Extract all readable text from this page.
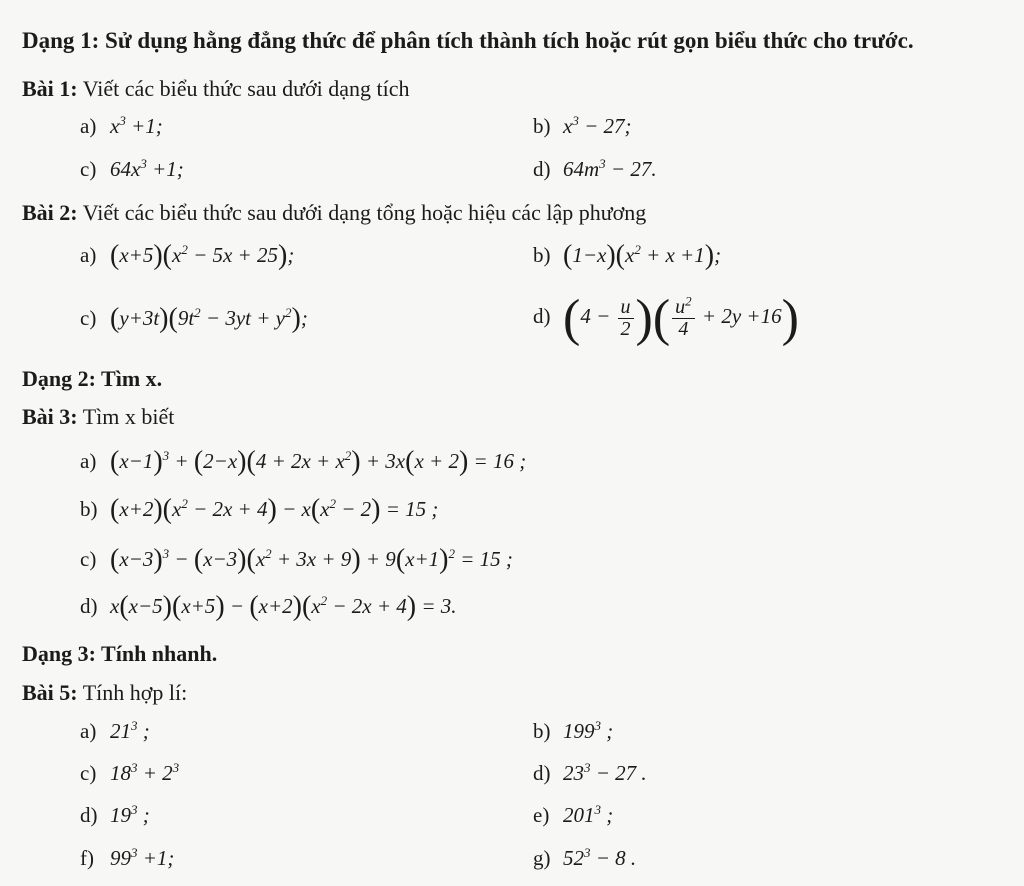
Dạng 1: Sử dụng hằng đẳng thức để phân tích thành tích hoặc rút gọn biểu thức cho trước.
Bài 1: Viết các biểu thức sau dưới dạng tích
a) $x^3 +1$;	b) $x^3 - 27$;
c) $64x^3 +1$;	d) $64m^3 - 27$.
Bài 2: Viết các biểu thức sau dưới dạng tổng hoặc hiệu các lập phương
a) $(x+5)(x^2 - 5x + 25)$;	b) $(1-x)(x^2 + x +1)$;
c) $(y+3t)(9t^2 - 3yt + y^2)$;	d) ($4 - \frac{u}{2}$ )( $\frac{u^2}{4} + 2y +16$)
Dạng 2: Tìm x.
Bài 3: Tìm x biết
a) $(x-1)^3 + (2-x)(4 + 2x + x^2) + 3x(x + 2) = 16$ ;
b) $(x+2)(x^2 - 2x + 4) - x(x^2 - 2) = 15$ ;
c) $(x-3)^3 - (x-3)(x^2 + 3x + 9) + 9(x+1)^2 = 15$ ;
d) $x(x-5)(x+5) - (x+2)(x^2 - 2x + 4) = 3$.
Dạng 3: Tính nhanh.
Bài 5: Tính hợp lí:
a) $21^3$ ;	b) $199^3$ ;
c) $18^3 + 2^3$	d) $23^3 - 27$ .
d) $19^3$ ;	e) $201^3$ ;
f) $99^3 +1$;	g) $52^3 - 8$ .
